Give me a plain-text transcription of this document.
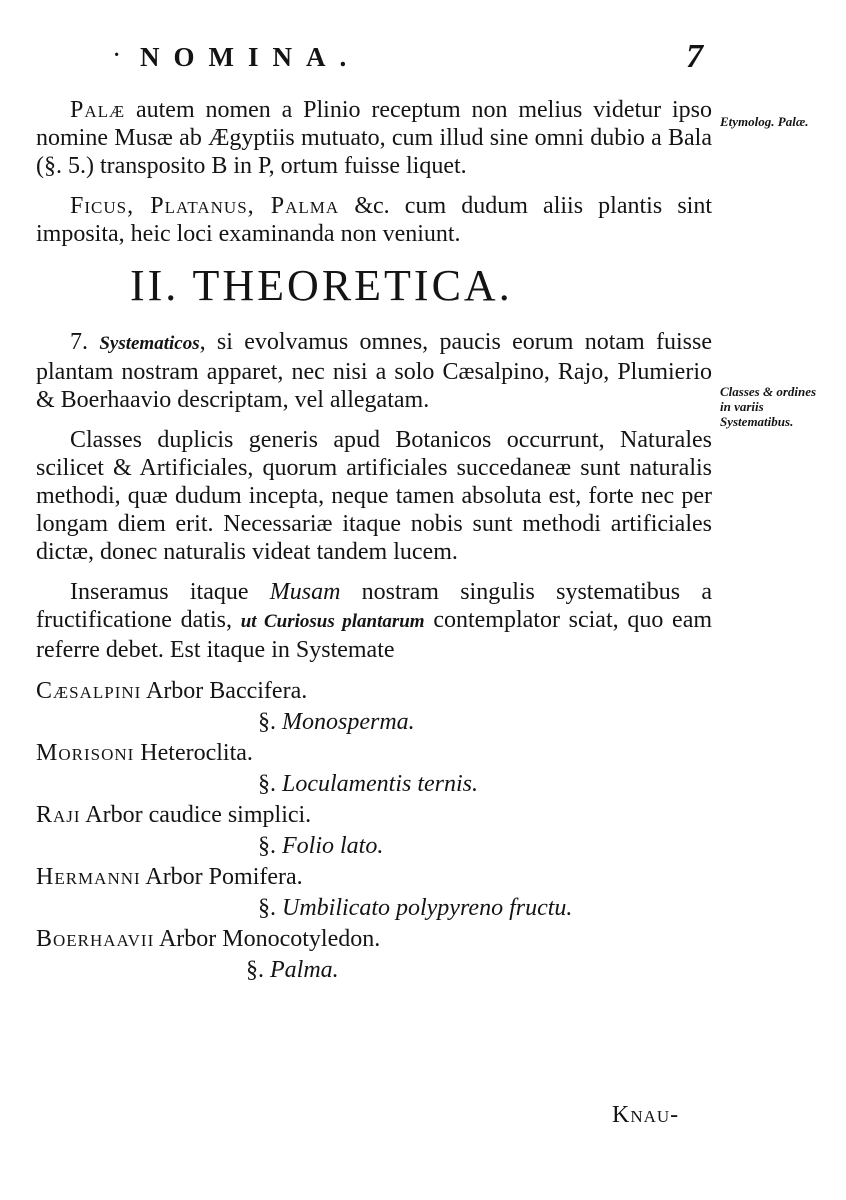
· NOMINA.	7
Etymolog. Palæ.
Classes & ordines in variis Systematibus.

Palæ autem nomen a Plinio receptum non melius videtur ipso nomine Musæ ab Ægyptiis mutuato, cum illud sine omni dubio a Bala (§. 5.) transposito B in P, ortum fuisse liquet.

Ficus, Platanus, Palma &c. cum dudum aliis plantis sint imposita, heic loci examinanda non veniunt.

II. THEORETICA.

7. Systematicos, si evolvamus omnes, paucis eorum notam fuisse plantam nostram apparet, nec nisi a solo Cæsalpino, Rajo, Plumierio & Boerhaavio descriptam, vel allegatam.

Classes duplicis generis apud Botanicos occurrunt, Naturales scilicet & Artificiales, quorum artificiales succedaneæ sunt naturalis methodi, quæ dudum incepta, neque tamen absoluta est, forte nec per longam diem erit. Necessariæ itaque nobis sunt methodi artificiales dictæ, donec naturalis videat tandem lucem.

Inseramus itaque Musam nostram singulis systematibus a fructificatione datis, ut Curiosus plantarum contemplator sciat, quo eam referre debet. Est itaque in Systemate

Cæsalpini Arbor Baccifera.
§. Monosperma.
Morisoni Heteroclita.
§. Loculamentis ternis.
Raji Arbor caudice simplici.
§. Folio lato.
Hermanni Arbor Pomifera.
§. Umbilicato polypyreno fructu.
Boerhaavii Arbor Monocotyledon.
§. Palma.
Knau-
